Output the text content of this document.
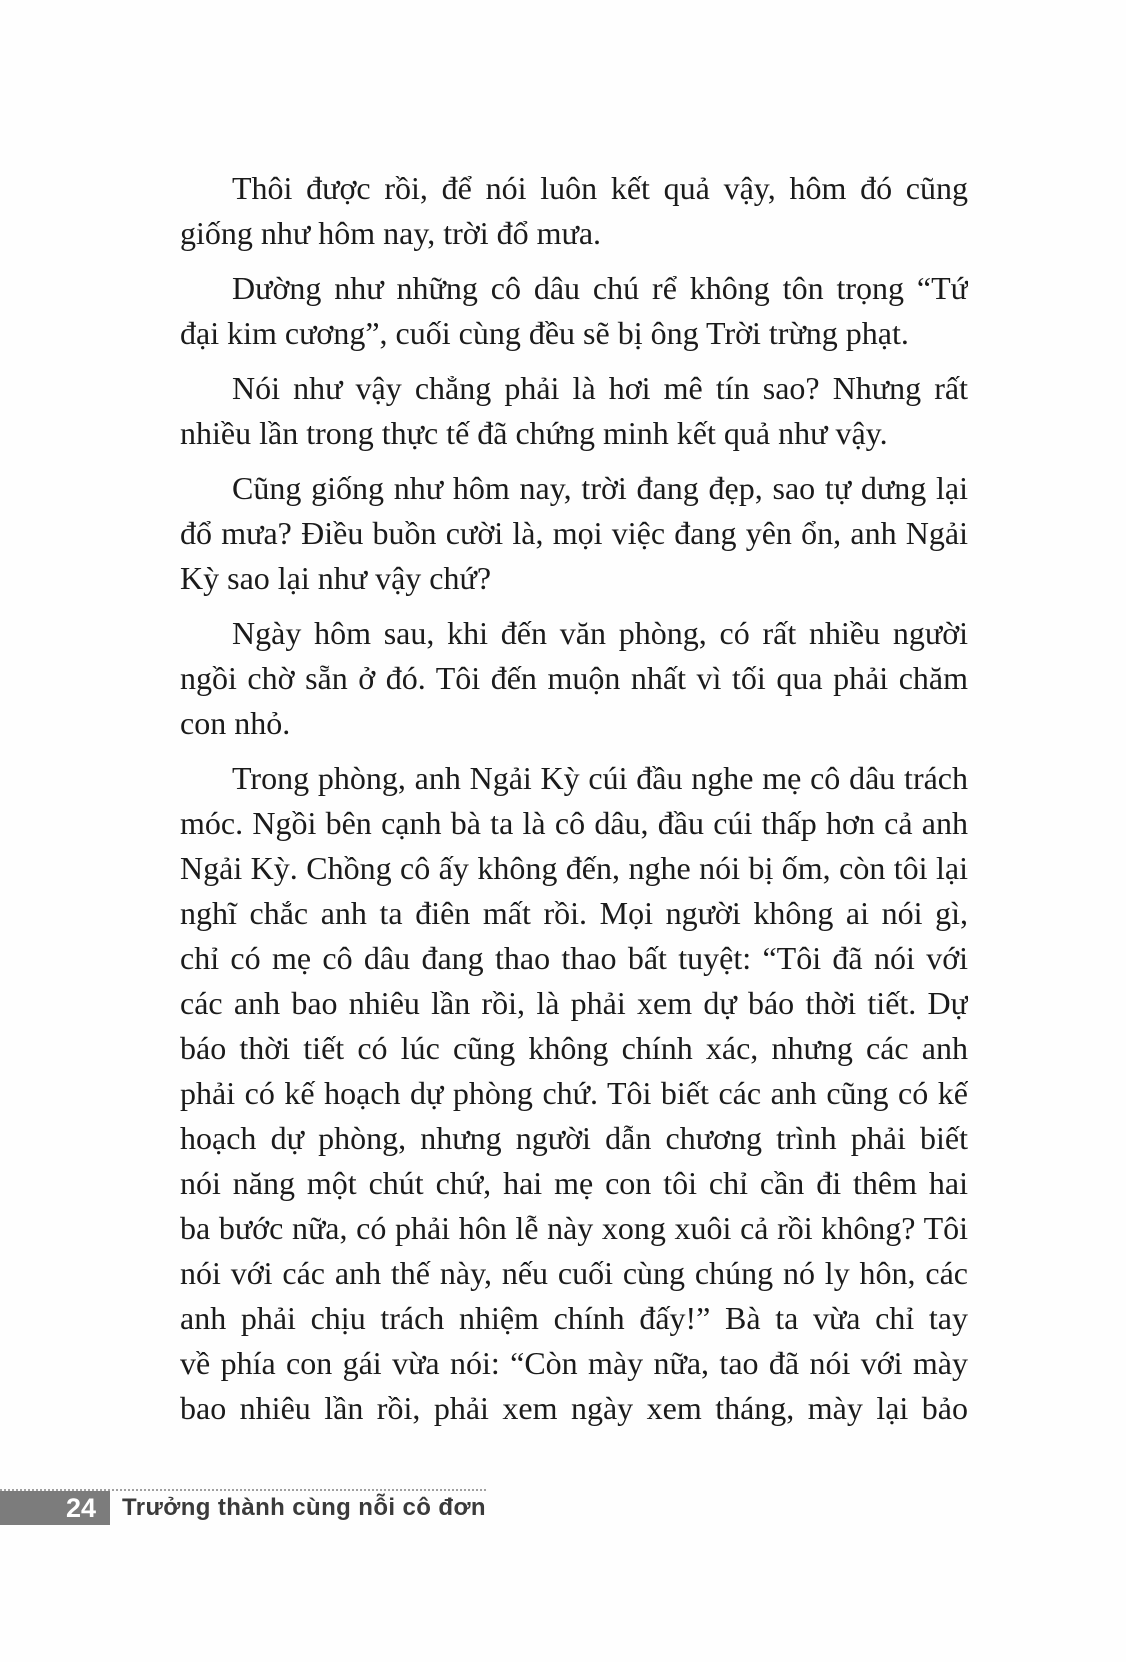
Thôi được rồi, để nói luôn kết quả vậy, hôm đó cũng
giống như hôm nay, trời đổ mưa.
Dường như những cô dâu chú rể không tôn trọng “Tứ
đại kim cương”, cuối cùng đều sẽ bị ông Trời trừng phạt.
Nói như vậy chẳng phải là hơi mê tín sao? Nhưng rất
nhiều lần trong thực tế đã chứng minh kết quả như vậy.
Cũng giống như hôm nay, trời đang đẹp, sao tự dưng lại
đổ mưa? Điều buồn cười là, mọi việc đang yên ổn, anh Ngải
Kỳ sao lại như vậy chứ?
Ngày hôm sau, khi đến văn phòng, có rất nhiều người
ngồi chờ sẵn ở đó. Tôi đến muộn nhất vì tối qua phải chăm
con nhỏ.
Trong phòng, anh Ngải Kỳ cúi đầu nghe mẹ cô dâu trách
móc. Ngồi bên cạnh bà ta là cô dâu, đầu cúi thấp hơn cả anh
Ngải Kỳ. Chồng cô ấy không đến, nghe nói bị ốm, còn tôi lại
nghĩ chắc anh ta điên mất rồi. Mọi người không ai nói gì,
chỉ có mẹ cô dâu đang thao thao bất tuyệt: “Tôi đã nói với
các anh bao nhiêu lần rồi, là phải xem dự báo thời tiết. Dự
báo thời tiết có lúc cũng không chính xác, nhưng các anh
phải có kế hoạch dự phòng chứ. Tôi biết các anh cũng có kế
hoạch dự phòng, nhưng người dẫn chương trình phải biết
nói năng một chút chứ, hai mẹ con tôi chỉ cần đi thêm hai
ba bước nữa, có phải hôn lễ này xong xuôi cả rồi không? Tôi
nói với các anh thế này, nếu cuối cùng chúng nó ly hôn, các
anh phải chịu trách nhiệm chính đấy!” Bà ta vừa chỉ tay
về phía con gái vừa nói: “Còn mày nữa, tao đã nói với mày
bao nhiêu lần rồi, phải xem ngày xem tháng, mày lại bảo
24	Trưởng thành cùng nỗi cô đơn
